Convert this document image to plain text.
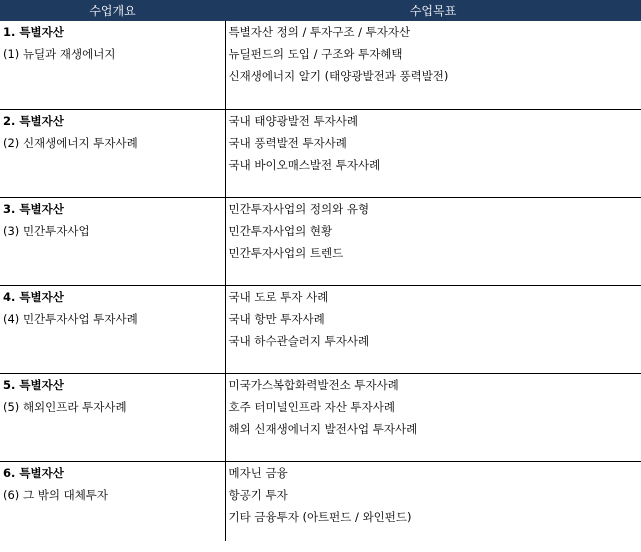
수업개요	수업목표

1. 특별자산
(1) 뉴딜과 재생에너지	특별자산 정의 / 투자구조 / 투자자산
뉴딜펀드의 도입 / 구조와 투자혜택
신재생에너지 알기 (태양광발전과 풍력발전)

2. 특별자산
(2) 신재생에너지 투자사례	국내 태양광발전 투자사례
국내 풍력발전 투자사례
국내 바이오매스발전 투자사례

3. 특별자산
(3) 민간투자사업	민간투자사업의 정의와 유형
민간투자사업의 현황
민간투자사업의 트렌드

4. 특별자산
(4) 민간투자사업 투자사례	국내 도로 투자 사례
국내 항만 투자사례
국내 하수관슬러지 투자사례

5. 특별자산
(5) 해외인프라 투자사례	미국가스복합화력발전소 투자사례
호주 터미널인프라 자산 투자사례
해외 신재생에너지 발전사업 투자사례

6. 특별자산
(6) 그 밖의 대체투자	메자닌 금융
항공기 투자
기타 금융투자 (아트펀드 / 와인펀드)
